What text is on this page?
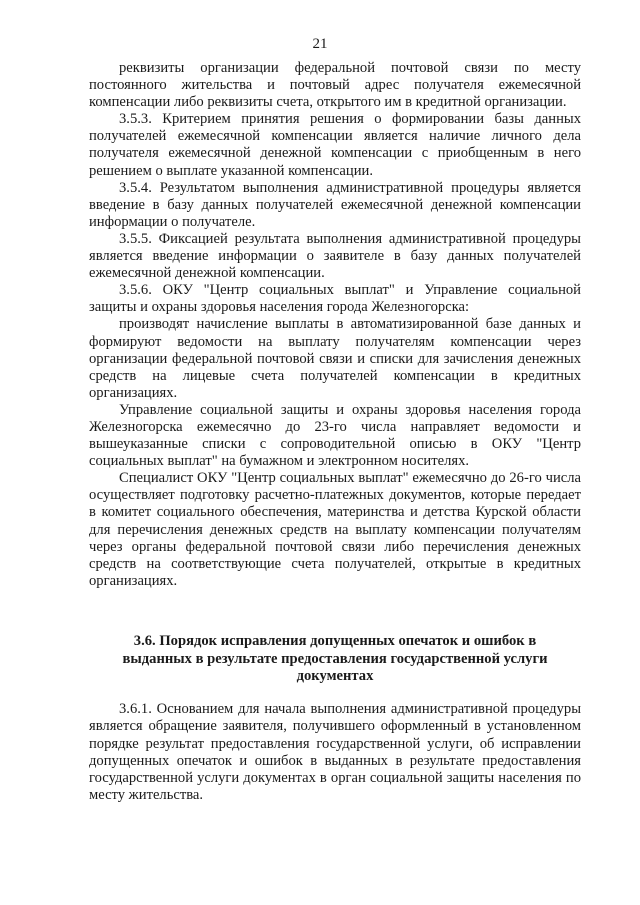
21

реквизиты организации федеральной почтовой связи по месту постоянного жительства и почтовый адрес получателя ежемесячной компенсации либо реквизиты счета, открытого им в кредитной организации.

3.5.3. Критерием принятия решения о формировании базы данных получателей ежемесячной компенсации является наличие личного дела получателя ежемесячной денежной компенсации с приобщенным в него решением о выплате указанной компенсации.

3.5.4. Результатом выполнения административной процедуры является введение в базу данных получателей ежемесячной денежной компенсации информации о получателе.

3.5.5. Фиксацией результата выполнения административной процедуры является введение информации о заявителе в базу данных получателей ежемесячной денежной компенсации.

3.5.6. ОКУ "Центр социальных выплат" и Управление социальной защиты и охраны здоровья населения города Железногорска:

производят начисление выплаты в автоматизированной базе данных и формируют ведомости на выплату получателям компенсации через организации федеральной почтовой связи и списки для зачисления денежных средств на лицевые счета получателей компенсации в кредитных организациях.

Управление социальной защиты и охраны здоровья населения города Железногорска ежемесячно до 23-го числа направляет ведомости и вышеуказанные списки с сопроводительной описью в ОКУ "Центр социальных выплат" на бумажном и электронном носителях.

Специалист ОКУ "Центр социальных выплат" ежемесячно до 26-го числа осуществляет подготовку расчетно-платежных документов, которые передает в комитет социального обеспечения, материнства и детства Курской области для перечисления денежных средств на выплату компенсации получателям через органы федеральной почтовой связи либо перечисления денежных средств на соответствующие счета получателей, открытые в кредитных организациях.

3.6. Порядок исправления допущенных опечаток и ошибок в
выданных в результате предоставления государственной услуги
документах

3.6.1. Основанием для начала выполнения административной процедуры является обращение заявителя, получившего оформленный в установленном порядке результат предоставления государственной услуги, об исправлении допущенных опечаток и ошибок в выданных в результате предоставления государственной услуги документах в орган социальной защиты населения по месту жительства.
